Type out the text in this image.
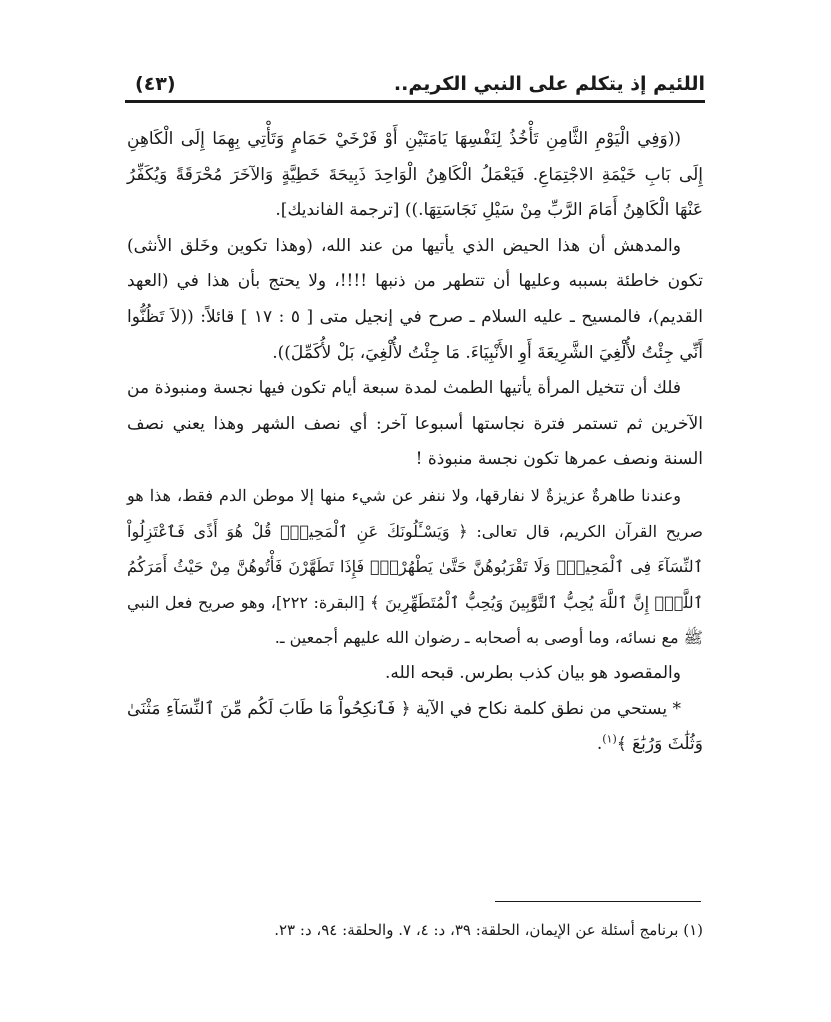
اللئيم إذ يتكلم على النبي الكريم..
(٤٣)

((وَفِي الْيَوْمِ الثَّامِنِ تَأْخُذُ لِنَفْسِهَا يَامَتَيْنِ أَوْ فَرْخَيْ حَمَامٍ وَتَأْتِي بِهِمَا إِلَى الْكَاهِنِ إِلَى بَابِ خَيْمَةِ الاجْتِمَاعِ. فَيَعْمَلُ الْكَاهِنُ الْوَاحِدَ ذَبِيحَةَ خَطِيَّةٍ وَالآخَرَ مُحْرَقَةً وَيُكَفِّرُ عَنْهَا الْكَاهِنُ أَمَامَ الرَّبِّ مِنْ سَيْلِ نَجَاسَتِهَا.)) [ترجمة الفانديك].

والمدهش أن هذا الحيض الذي يأتيها من عند الله، (وهذا تكوين وخَلق الأنثى) تكون خاطئة بسببه وعليها أن تتطهر من ذنبها !!!!، ولا يحتج بأن هذا في (العهد القديم)، فالمسيح ـ عليه السلام ـ صرح في إنجيل متى [ ٥ : ١٧ ] قائلاً: ((لاَ تَظُنُّوا أَنِّي جِئْتُ لأُلْغِيَ الشَّرِيعَةَ أَوِ الأَنْبِيَاءَ. مَا جِئْتُ لأُلْغِيَ، بَلْ لأُكَمِّلَ)).

فلك أن تتخيل المرأة يأتيها الطمث لمدة سبعة أيام تكون فيها نجسة ومنبوذة من الآخرين ثم تستمر فترة نجاستها أسبوعا آخر: أي نصف الشهر وهذا يعني نصف السنة ونصف عمرها تكون نجسة منبوذة !

وعندنا طاهرةٌ عزيزةٌ لا نفارقها، ولا ننفر عن شيء منها إلا موطن الدم فقط، هذا هو صريح القرآن الكريم، قال تعالى: ﴿ وَيَسْـَٔلُونَكَ عَنِ ٱلْمَحِيضِۖ قُلْ هُوَ أَذًى فَٱعْتَزِلُواْ ٱلنِّسَآءَ فِى ٱلْمَحِيضِۖ وَلَا تَقْرَبُوهُنَّ حَتَّىٰ يَطْهُرْنَۖ فَإِذَا تَطَهَّرْنَ فَأْتُوهُنَّ مِنْ حَيْثُ أَمَرَكُمُ ٱللَّهُۚ إِنَّ ٱللَّهَ يُحِبُّ ٱلتَّوَّٰبِينَ وَيُحِبُّ ٱلْمُتَطَهِّرِينَ ﴾ [البقرة: ٢٢٢]، وهو صريح فعل النبي ﷺ مع نسائه، وما أوصى به أصحابه ـ رضوان الله عليهم أجمعين ـ.

والمقصود هو بيان كذب بطرس. قبحه الله.

* يستحي من نطق كلمة نكاح في الآية ﴿ فَٱنكِحُواْ مَا طَابَ لَكُم مِّنَ ٱلنِّسَآءِ مَثْنَىٰ وَثُلَٰثَ وَرُبَٰعَ ﴾$^{(١)}$.

(١) برنامج أسئلة عن الإيمان، الحلقة: ٣٩، د: ٤، ٧. والحلقة: ٩٤، د: ٢٣.
